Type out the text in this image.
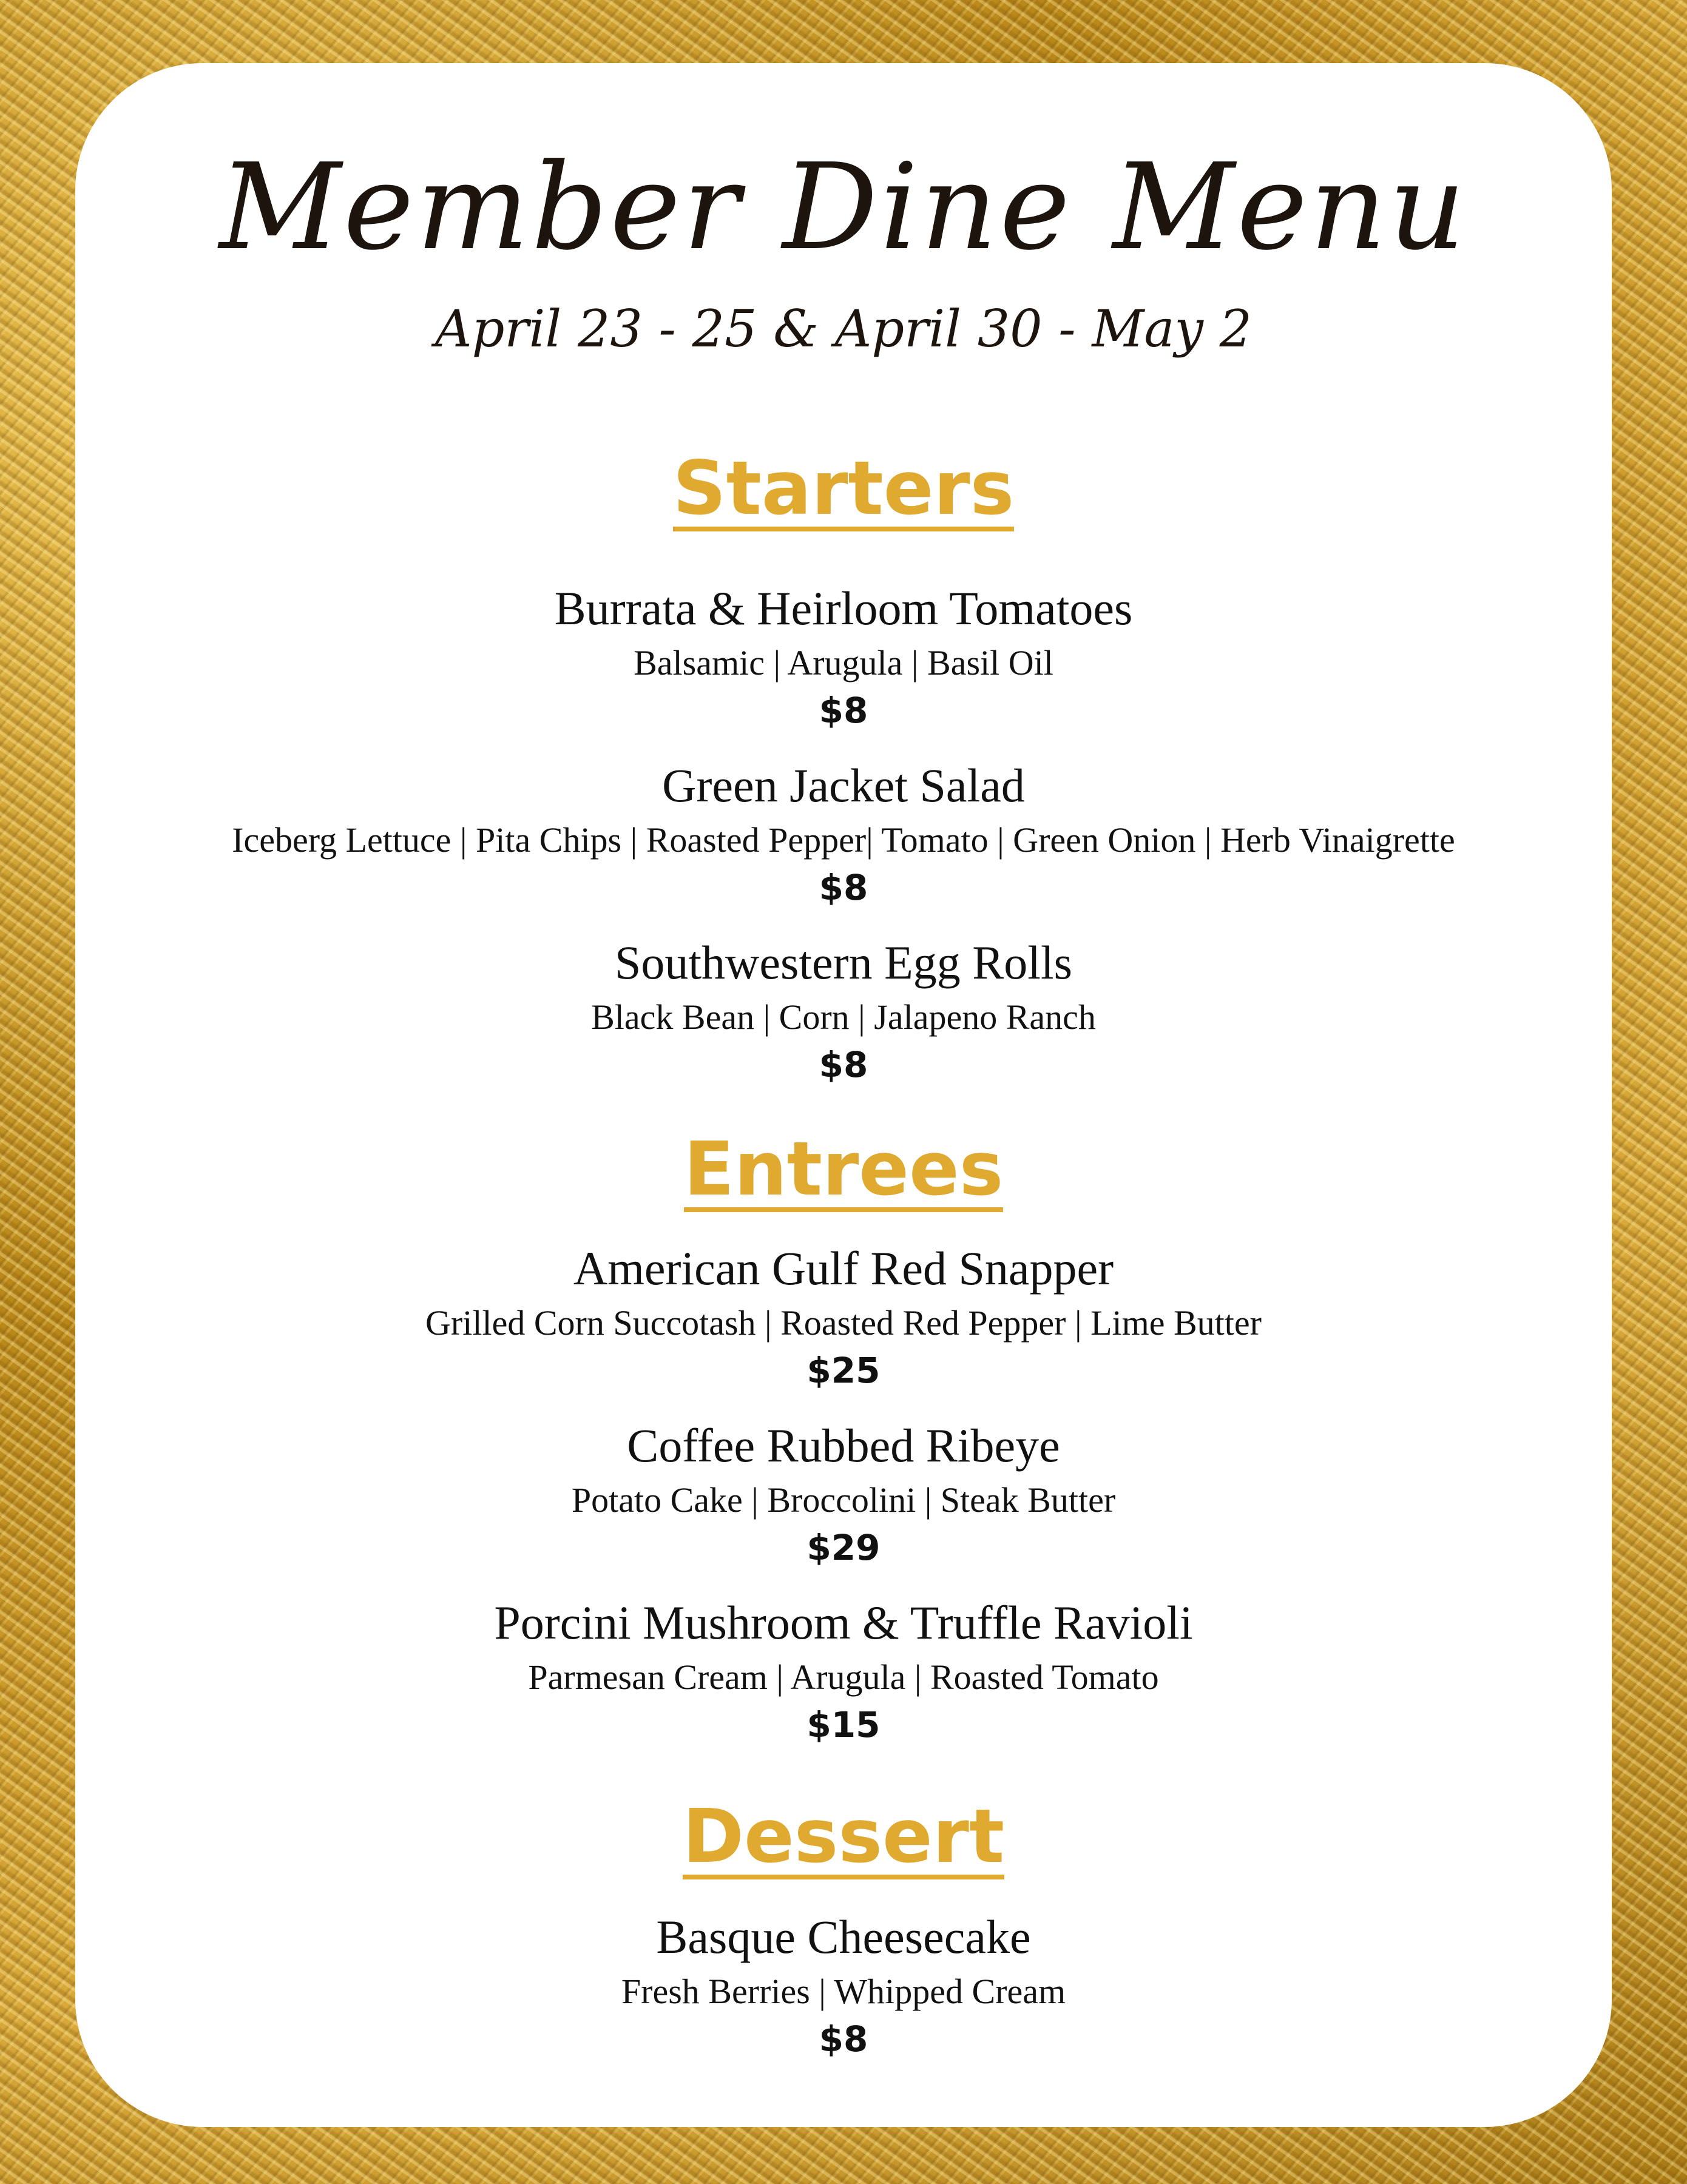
Member Dine Menu
April 23 - 25 & April 30 - May 2
Starters
Burrata & Heirloom Tomatoes
Balsamic | Arugula | Basil Oil
$8
Green Jacket Salad
Iceberg Lettuce | Pita Chips | Roasted Pepper| Tomato | Green Onion | Herb Vinaigrette
$8
Southwestern Egg Rolls
Black Bean | Corn | Jalapeno Ranch
$8
Entrees
American Gulf Red Snapper
Grilled Corn Succotash | Roasted Red Pepper | Lime Butter
$25
Coffee Rubbed Ribeye
Potato Cake | Broccolini | Steak Butter
$29
Porcini Mushroom & Truffle Ravioli
Parmesan Cream | Arugula | Roasted Tomato
$15
Dessert
Basque Cheesecake
Fresh Berries | Whipped Cream
$8
